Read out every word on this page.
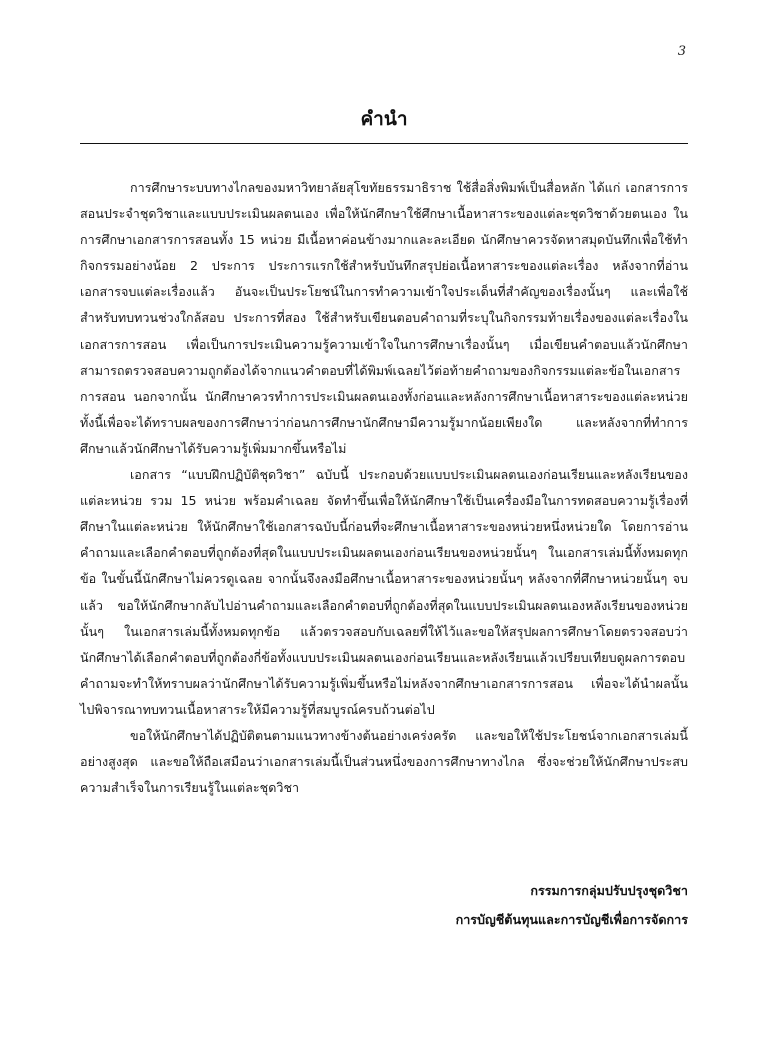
3
คำนำ

การศึกษาระบบทางไกลของมหาวิทยาลัยสุโขทัยธรรมาธิราช ใช้สื่อสิ่งพิมพ์เป็นสื่อหลัก ได้แก่ เอกสารการสอนประจำชุดวิชาและแบบประเมินผลตนเอง เพื่อให้นักศึกษาใช้ศึกษาเนื้อหาสาระของแต่ละชุดวิชาด้วยตนเอง ในการศึกษาเอกสารการสอนทั้ง 15 หน่วย มีเนื้อหาค่อนข้างมากและละเอียด นักศึกษาควรจัดหาสมุดบันทึกเพื่อใช้ทำกิจกรรมอย่างน้อย 2 ประการ ประการแรกใช้สำหรับบันทึกสรุปย่อเนื้อหาสาระของแต่ละเรื่อง หลังจากที่อ่านเอกสารจบแต่ละเรื่องแล้ว อันจะเป็นประโยชน์ในการทำความเข้าใจประเด็นที่สำคัญของเรื่องนั้นๆ และเพื่อใช้สำหรับทบทวนช่วงใกล้สอบ ประการที่สอง ใช้สำหรับเขียนตอบคำถามที่ระบุในกิจกรรมท้ายเรื่องของแต่ละเรื่องในเอกสารการสอน เพื่อเป็นการประเมินความรู้ความเข้าใจในการศึกษาเรื่องนั้นๆ เมื่อเขียนคำตอบแล้วนักศึกษาสามารถตรวจสอบความถูกต้องได้จากแนวคำตอบที่ได้พิมพ์เฉลยไว้ต่อท้ายคำถามของกิจกรรมแต่ละข้อในเอกสารการสอน นอกจากนั้น นักศึกษาควรทำการประเมินผลตนเองทั้งก่อนและหลังการศึกษาเนื้อหาสาระของแต่ละหน่วย ทั้งนี้เพื่อจะได้ทราบผลของการศึกษาว่าก่อนการศึกษานักศึกษามีความรู้มากน้อยเพียงใด และหลังจากที่ทำการศึกษาแล้วนักศึกษาได้รับความรู้เพิ่มมากขึ้นหรือไม่

เอกสาร “แบบฝึกปฏิบัติชุดวิชา” ฉบับนี้ ประกอบด้วยแบบประเมินผลตนเองก่อนเรียนและหลังเรียนของแต่ละหน่วย รวม 15 หน่วย พร้อมคำเฉลย จัดทำขึ้นเพื่อให้นักศึกษาใช้เป็นเครื่องมือในการทดสอบความรู้เรื่องที่ศึกษาในแต่ละหน่วย ให้นักศึกษาใช้เอกสารฉบับนี้ก่อนที่จะศึกษาเนื้อหาสาระของหน่วยหนึ่งหน่วยใด โดยการอ่านคำถามและเลือกคำตอบที่ถูกต้องที่สุดในแบบประเมินผลตนเองก่อนเรียนของหน่วยนั้นๆ ในเอกสารเล่มนี้ทั้งหมดทุกข้อ ในขั้นนี้นักศึกษาไม่ควรดูเฉลย จากนั้นจึงลงมือศึกษาเนื้อหาสาระของหน่วยนั้นๆ หลังจากที่ศึกษาหน่วยนั้นๆ จบแล้ว ขอให้นักศึกษากลับไปอ่านคำถามและเลือกคำตอบที่ถูกต้องที่สุดในแบบประเมินผลตนเองหลังเรียนของหน่วยนั้นๆ ในเอกสารเล่มนี้ทั้งหมดทุกข้อ แล้วตรวจสอบกับเฉลยที่ให้ไว้และขอให้สรุปผลการศึกษาโดยตรวจสอบว่านักศึกษาได้เลือกคำตอบที่ถูกต้องกี่ข้อทั้งแบบประเมินผลตนเองก่อนเรียนและหลังเรียนแล้วเปรียบเทียบดูผลการตอบคำถามจะทำให้ทราบผลว่านักศึกษาได้รับความรู้เพิ่มขึ้นหรือไม่หลังจากศึกษาเอกสารการสอน เพื่อจะได้นำผลนั้นไปพิจารณาทบทวนเนื้อหาสาระให้มีความรู้ที่สมบูรณ์ครบถ้วนต่อไป

ขอให้นักศึกษาได้ปฏิบัติตนตามแนวทางข้างต้นอย่างเคร่งครัด และขอให้ใช้ประโยชน์จากเอกสารเล่มนี้อย่างสูงสุด และขอให้ถือเสมือนว่าเอกสารเล่มนี้เป็นส่วนหนึ่งของการศึกษาทางไกล ซึ่งจะช่วยให้นักศึกษาประสบความสำเร็จในการเรียนรู้ในแต่ละชุดวิชา

กรรมการกลุ่มปรับปรุงชุดวิชา
การบัญชีต้นทุนและการบัญชีเพื่อการจัดการ
